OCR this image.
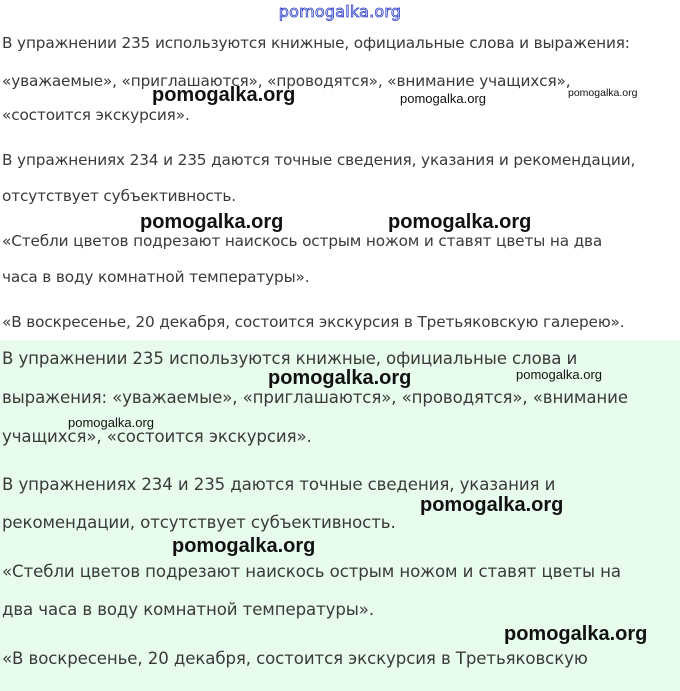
pomogalka.org
В упражнении 235 используются книжные, официальные слова и выражения:
«уважаемые», «приглашаются», «проводятся», «внимание учащихся»,
«состоится экскурсия».
В упражнениях 234 и 235 даются точные сведения, указания и рекомендации,
отсутствует субъективность.
«Стебли цветов подрезают наискось острым ножом и ставят цветы на два
часа в воду комнатной температуры».
«В воскресенье, 20 декабря, состоится экскурсия в Третьяковскую галерею».
pomogalka.org	pomogalka.org	pomogalka.org
pomogalka.org	pomogalka.org
В упражнении 235 используются книжные, официальные слова и
выражения: «уважаемые», «приглашаются», «проводятся», «внимание
учащихся», «состоится экскурсия».
В упражнениях 234 и 235 даются точные сведения, указания и
рекомендации, отсутствует субъективность.
«Стебли цветов подрезают наискось острым ножом и ставят цветы на
два часа в воду комнатной температуры».
«В воскресенье, 20 декабря, состоится экскурсия в Третьяковскую
pomogalka.org	pomogalka.org
pomogalka.org
pomogalka.org
pomogalka.org
pomogalka.org
